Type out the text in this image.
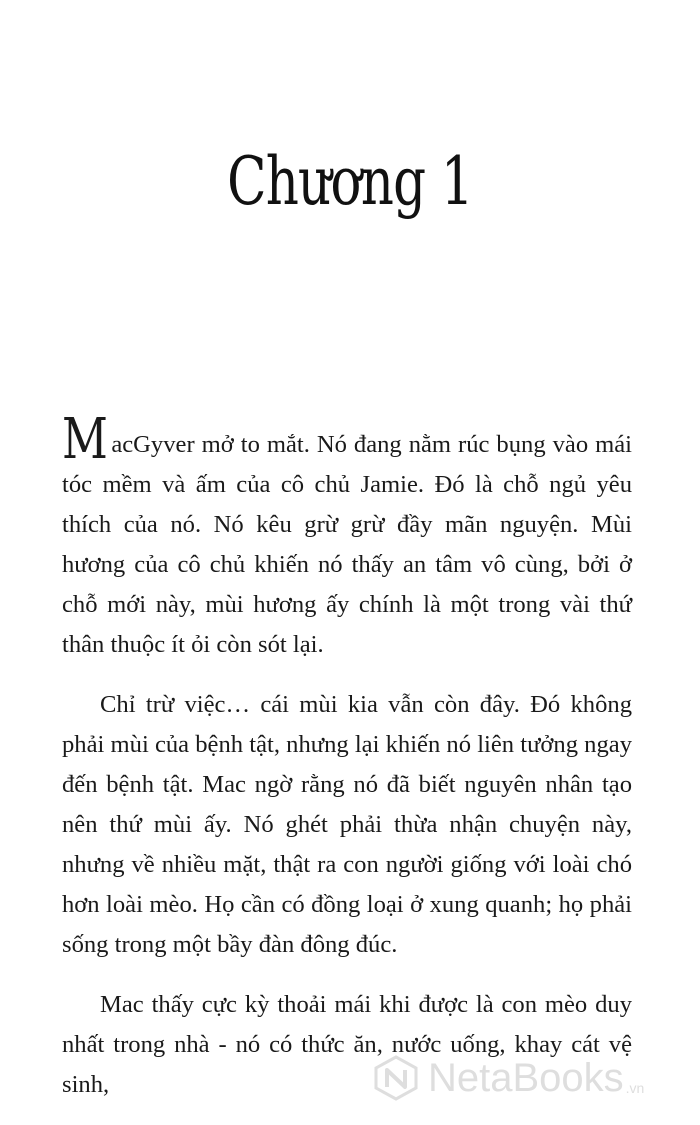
Chương 1

MacGyver mở to mắt. Nó đang nằm rúc bụng vào mái tóc mềm và ấm của cô chủ Jamie. Đó là chỗ ngủ yêu thích của nó. Nó kêu grừ grừ đầy mãn nguyện. Mùi hương của cô chủ khiến nó thấy an tâm vô cùng, bởi ở chỗ mới này, mùi hương ấy chính là một trong vài thứ thân thuộc ít ỏi còn sót lại.

Chỉ trừ việc… cái mùi kia vẫn còn đây. Đó không phải mùi của bệnh tật, nhưng lại khiến nó liên tưởng ngay đến bệnh tật. Mac ngờ rằng nó đã biết nguyên nhân tạo nên thứ mùi ấy. Nó ghét phải thừa nhận chuyện này, nhưng về nhiều mặt, thật ra con người giống với loài chó hơn loài mèo. Họ cần có đồng loại ở xung quanh; họ phải sống trong một bầy đàn đông đúc.

Mac thấy cực kỳ thoải mái khi được là con mèo duy nhất trong nhà - nó có thức ăn, nước uống, khay cát vệ sinh,	NetaBooks .vn
